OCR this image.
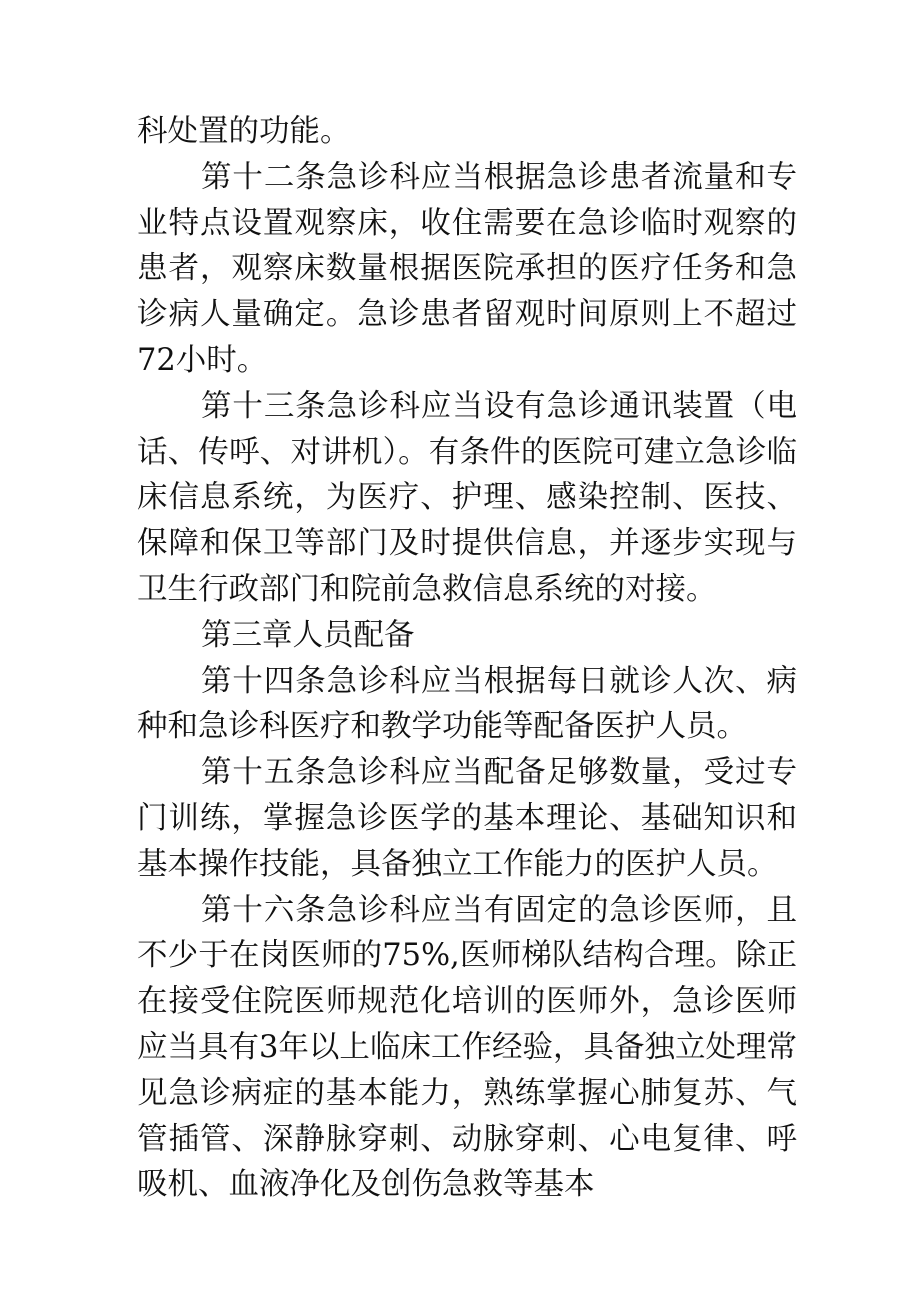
科处置的功能。

第十二条急诊科应当根据急诊患者流量和专业特点设置观察床，收住需要在急诊临时观察的患者，观察床数量根据医院承担的医疗任务和急诊病人量确定。急诊患者留观时间原则上不超过72小时。

第十三条急诊科应当设有急诊通讯装置（电话、传呼、对讲机）。有条件的医院可建立急诊临床信息系统，为医疗、护理、感染控制、医技、保障和保卫等部门及时提供信息，并逐步实现与卫生行政部门和院前急救信息系统的对接。

第三章人员配备

第十四条急诊科应当根据每日就诊人次、病种和急诊科医疗和教学功能等配备医护人员。

第十五条急诊科应当配备足够数量，受过专门训练，掌握急诊医学的基本理论、基础知识和基本操作技能，具备独立工作能力的医护人员。

第十六条急诊科应当有固定的急诊医师，且不少于在岗医师的75%,医师梯队结构合理。除正在接受住院医师规范化培训的医师外，急诊医师应当具有3年以上临床工作经验，具备独立处理常见急诊病症的基本能力，熟练掌握心肺复苏、气管插管、深静脉穿刺、动脉穿刺、心电复律、呼吸机、血液净化及创伤急救等基本
